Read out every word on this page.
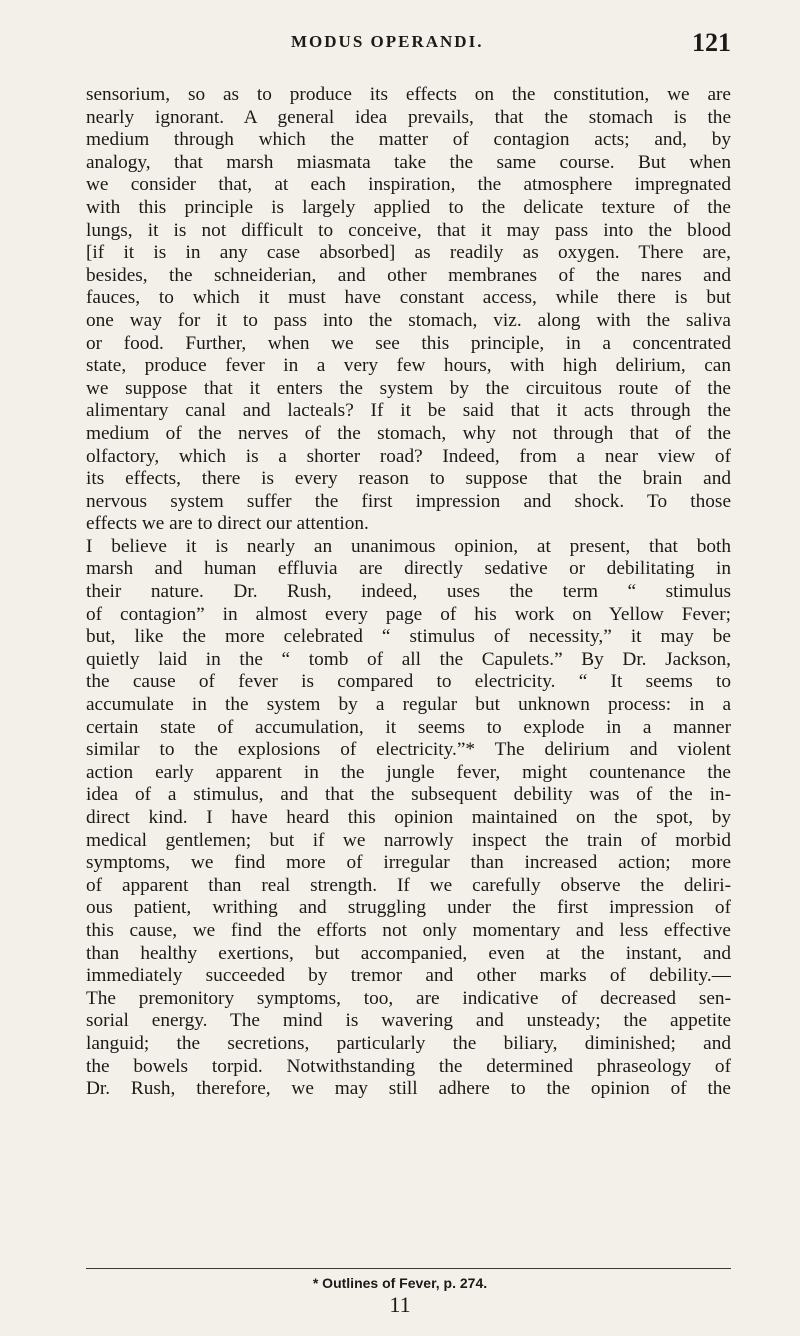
MODUS OPERANDI.	121
sensorium, so as to produce its effects on the constitution, we are
nearly ignorant. A general idea prevails, that the stomach is the
medium through which the matter of contagion acts; and, by
analogy, that marsh miasmata take the same course. But when
we consider that, at each inspiration, the atmosphere impregnated
with this principle is largely applied to the delicate texture of the
lungs, it is not difficult to conceive, that it may pass into the blood
[if it is in any case absorbed] as readily as oxygen. There are,
besides, the schneiderian, and other membranes of the nares and
fauces, to which it must have constant access, while there is but
one way for it to pass into the stomach, viz. along with the saliva
or food. Further, when we see this principle, in a concentrated
state, produce fever in a very few hours, with high delirium, can
we suppose that it enters the system by the circuitous route of the
alimentary canal and lacteals? If it be said that it acts through the
medium of the nerves of the stomach, why not through that of the
olfactory, which is a shorter road? Indeed, from a near view of
its effects, there is every reason to suppose that the brain and
nervous system suffer the first impression and shock. To those
effects we are to direct our attention.
I believe it is nearly an unanimous opinion, at present, that both
marsh and human effluvia are directly sedative or debilitating in
their nature. Dr. Rush, indeed, uses the term “ stimulus
of contagion” in almost every page of his work on Yellow Fever;
but, like the more celebrated “ stimulus of necessity,” it may be
quietly laid in the “ tomb of all the Capulets.” By Dr. Jackson,
the cause of fever is compared to electricity. “ It seems to
accumulate in the system by a regular but unknown process: in a
certain state of accumulation, it seems to explode in a manner
similar to the explosions of electricity.”* The delirium and violent
action early apparent in the jungle fever, might countenance the
idea of a stimulus, and that the subsequent debility was of the in-
direct kind. I have heard this opinion maintained on the spot, by
medical gentlemen; but if we narrowly inspect the train of morbid
symptoms, we find more of irregular than increased action; more
of apparent than real strength. If we carefully observe the deliri-
ous patient, writhing and struggling under the first impression of
this cause, we find the efforts not only momentary and less effective
than healthy exertions, but accompanied, even at the instant, and
immediately succeeded by tremor and other marks of debility.—
The premonitory symptoms, too, are indicative of decreased sen-
sorial energy. The mind is wavering and unsteady; the appetite
languid; the secretions, particularly the biliary, diminished; and
the bowels torpid. Notwithstanding the determined phraseology of
Dr. Rush, therefore, we may still adhere to the opinion of the
* Outlines of Fever, p. 274.
11
